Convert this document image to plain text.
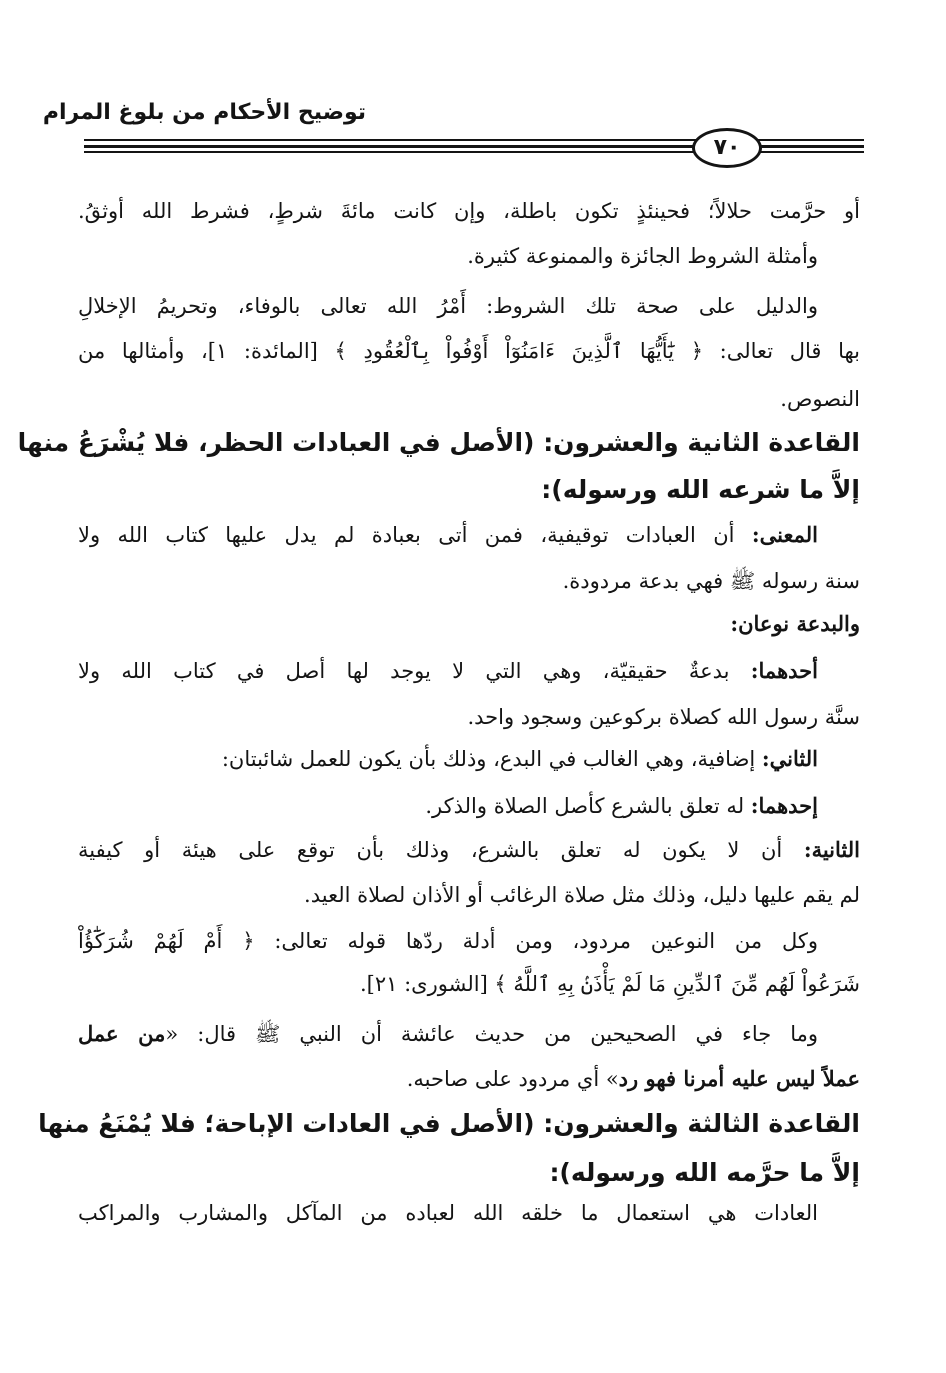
توضيح الأحكام من بلوغ المرام
٧٠
أو حرَّمت حلالاً؛ فحينئذٍ تكون باطلة، وإن كانت مائةَ شرطٍ، فشرط الله أوثقُ.
وأمثلة الشروط الجائزة والممنوعة كثيرة.
والدليل على صحة تلك الشروط: أَمْرُ الله تعالى بالوفاء، وتحريمُ الإخلالِ
بها قال تعالى: ﴿ يَٰٓأَيُّهَا ٱلَّذِينَ ءَامَنُوٓاْ أَوْفُواْ بِٱلْعُقُودِ ﴾ [المائدة: ١]، وأمثالها من
النصوص.
القاعدة الثانية والعشرون: (الأصل في العبادات الحظر، فلا يُشْرَعُ منها
إلاَّ ما شرعه الله ورسوله):
المعنى: أن العبادات توقيفية، فمن أتى بعبادة لم يدل عليها كتاب الله ولا
سنة رسوله ﷺ فهي بدعة مردودة.
والبدعة نوعان:
أحدهما: بدعةٌ حقيقيّة، وهي التي لا يوجد لها أصل في كتاب الله ولا
سنَّة رسول الله كصلاة بركوعين وسجود واحد.
الثاني: إضافية، وهي الغالب في البدع، وذلك بأن يكون للعمل شائبتان:
إحدهما: له تعلق بالشرع كأصل الصلاة والذكر.
الثانية: أن لا يكون له تعلق بالشرع، وذلك بأن توقع على هيئة أو كيفية
لم يقم عليها دليل، وذلك مثل صلاة الرغائب أو الأذان لصلاة العيد.
وكل من النوعين مردود، ومن أدلة ردّها قوله تعالى: ﴿ أَمْ لَهُمْ شُرَكَٰٓؤُاْ
شَرَعُواْ لَهُم مِّنَ ٱلدِّينِ مَا لَمْ يَأْذَنۢ بِهِ ٱللَّهُ ﴾ [الشورى: ٢١].
وما جاء في الصحيحين من حديث عائشة أن النبي ﷺ قال: «من عمل
عملاً ليس عليه أمرنا فهو رد» أي مردود على صاحبه.
القاعدة الثالثة والعشرون: (الأصل في العادات الإباحة؛ فلا يُمْنَعُ منها
إلاَّ ما حرَّمه الله ورسوله):
العادات هي استعمال ما خلقه الله لعباده من المآكل والمشارب والمراكب
